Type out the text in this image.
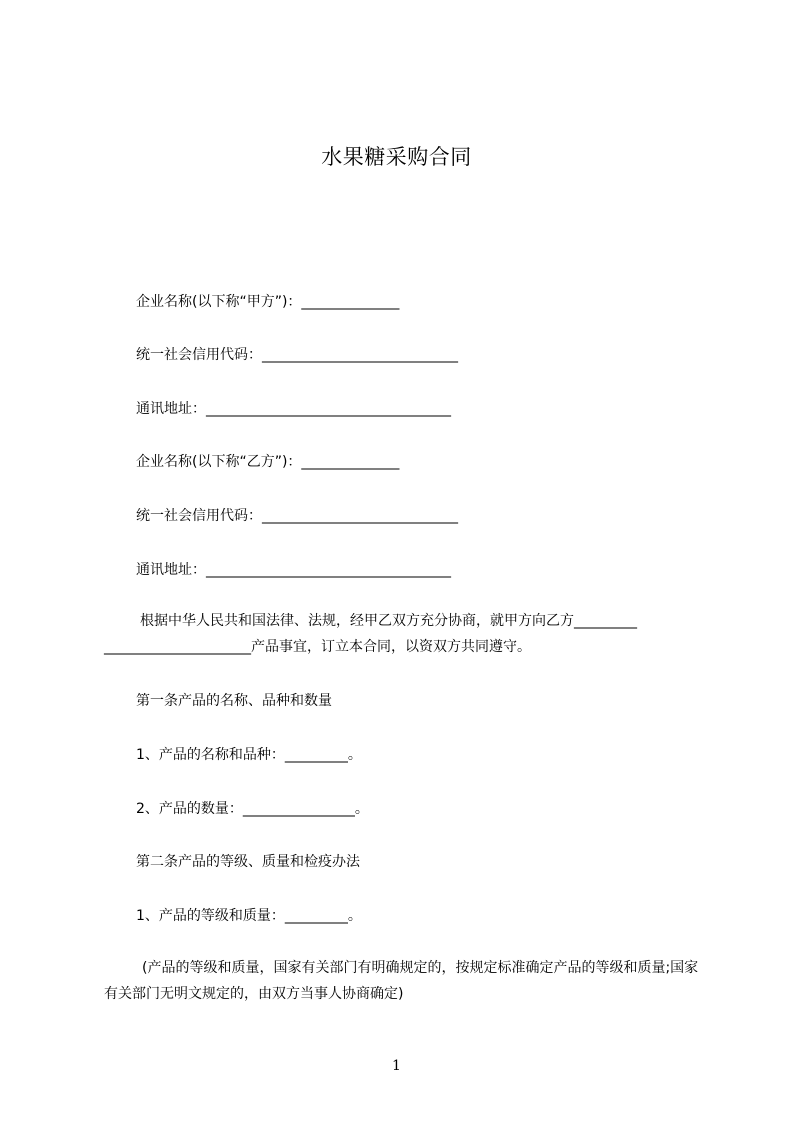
水果糖采购合同

企业名称(以下称“甲方”)：______________

统一社会信用代码：____________________________

通讯地址：___________________________________

企业名称(以下称“乙方”)：______________

统一社会信用代码：____________________________

通讯地址：___________________________________

根据中华人民共和国法律、法规，经甲乙双方充分协商，就甲方向乙方_________ _____________________产品事宜，订立本合同，以资双方共同遵守。

第一条产品的名称、品种和数量

1、产品的名称和品种：_________。

2、产品的数量：________________。

第二条产品的等级、质量和检疫办法

1、产品的等级和质量：_________。

(产品的等级和质量，国家有关部门有明确规定的，按规定标准确定产品的等级和质量;国家有关部门无明文规定的，由双方当事人协商确定)

1
